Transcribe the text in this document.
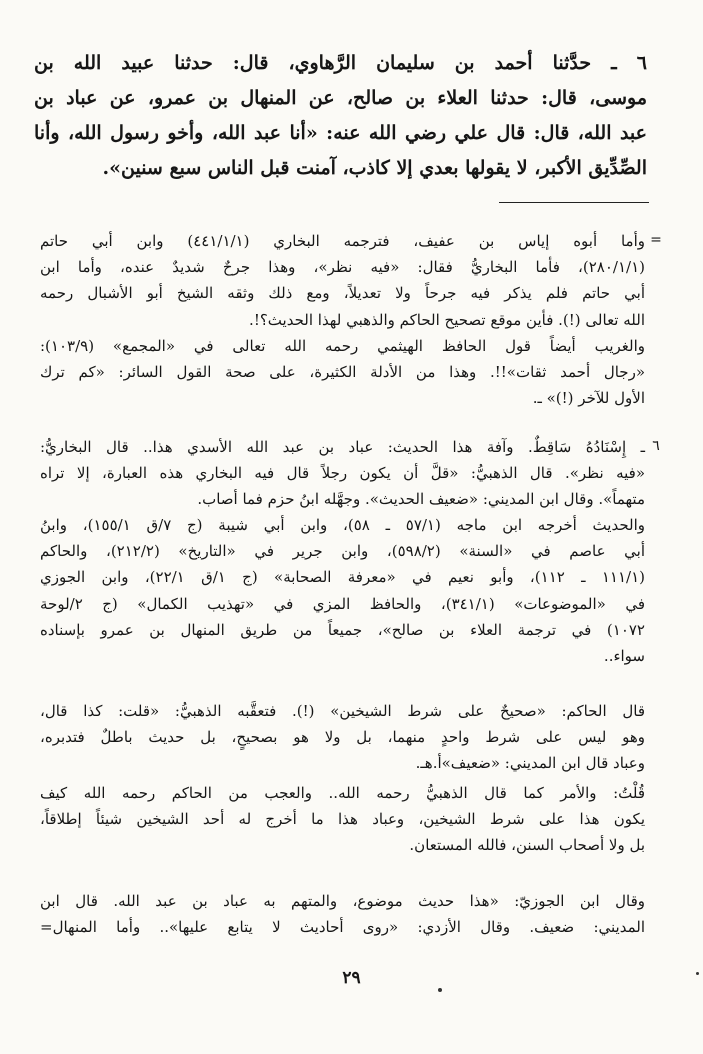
٦ ـ حدَّثنا أحمد بن سليمان الرَّهاوي، قال: حدثنا عبيد الله بن
موسى، قال: حدثنا العلاء بن صالح، عن المنهال بن عمرو، عن عباد بن
عبد الله، قال: قال علي رضي الله عنه: «أنا عبد الله، وأخو رسول الله، وأنا
الصِّدِّيق الأكبر، لا يقولها بعدي إلا كاذب، آمنت قبل الناس سبع سنين».
=
وأما أبوه إياس بن عفيف، فترجمه البخاري (٤٤١/١/١) وابن أبي حاتم
(٢٨٠/١/١)، فأما البخاريُّ فقال: «فيه نظر»، وهذا جرحٌ شديدٌ عنده، وأما ابن
أبي حاتم فلم يذكر فيه جرحاً ولا تعديلاً، ومع ذلك وثقه الشيخ أبو الأشبال رحمه
الله تعالى (!). فأين موقع تصحيح الحاكم والذهبي لهذا الحديث؟!.
والغريب أيضاً قول الحافظ الهيثمي رحمه الله تعالى في «المجمع» (١٠٣/٩):
«رجال أحمد ثقات»!!. وهذا من الأدلة الكثيرة، على صحة القول السائر: «كم ترك
الأول للآخر (!)» ـ.
٦
ـ إِسْنَادُهُ سَاقِطٌ. وآفة هذا الحديث: عباد بن عبد الله الأسدي هذا.. قال البخاريُّ:
«فيه نظر». قال الذهبيُّ: «قلَّ أن يكون رجلاً قال فيه البخاري هذه العبارة، إلا تراه
متهماً». وقال ابن المديني: «ضعيف الحديث». وجهَّله ابنُ حزم فما أصاب.
والحديث أخرجه ابن ماجه (٥٧/١ ـ ٥٨)، وابن أبي شيبة (ج ٧/ق ١٥٥/١)، وابنُ
أبي عاصم في «السنة» (٥٩٨/٢)، وابن جرير في «التاريخ» (٢١٢/٢)، والحاكم
(١١١/١ ـ ١١٢)، وأبو نعيم في «معرفة الصحابة» (ج ١/ق ٢٢/١)، وابن الجوزي
في «الموضوعات» (٣٤١/١)، والحافظ المزي في «تهذيب الكمال» (ج ٢/لوحة
١٠٧٢) في ترجمة العلاء بن صالح»، جميعاً من طريق المنهال بن عمرو بإسناده
سواء..
قال الحاكم: «صحيحٌ على شرط الشيخين» (!). فتعقَّبه الذهبيُّ: «قلت: كذا قال،
وهو ليس على شرط واحدٍ منهما، بل ولا هو بصحيحٍ، بل حديث باطلٌ فتدبره،
وعباد قال ابن المديني: «ضعيف»أ.هـ.
قُلْتُ: والأمر كما قال الذهبيُّ رحمه الله.. والعجب من الحاكم رحمه الله كيف
يكون هذا على شرط الشيخين، وعباد هذا ما أخرج له أحد الشيخين شيئاً إطلاقاً،
بل ولا أصحاب السنن، فالله المستعان.
وقال ابن الجوزيّ: «هذا حديث موضوع، والمتهم به عباد بن عبد الله. قال ابن
المديني: ضعيف. وقال الأزدي: «روى أحاديث لا يتابع عليها».. وأما المنهال=
٢٩
